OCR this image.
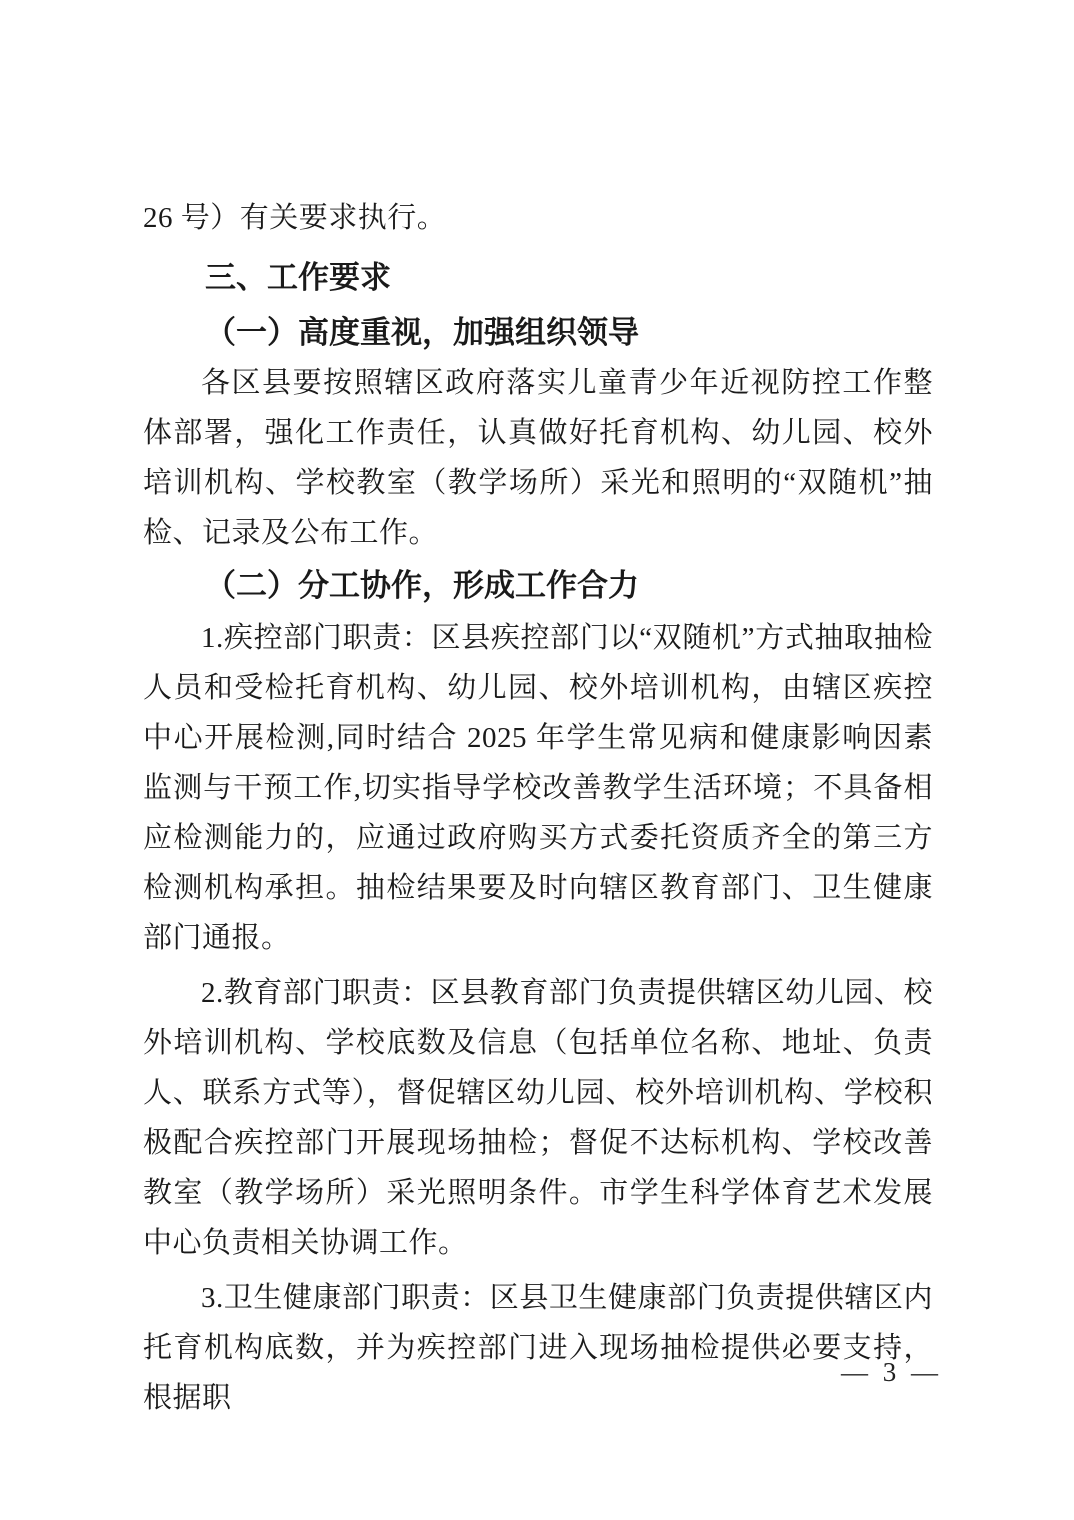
26 号）有关要求执行。

三、工作要求

（一）高度重视，加强组织领导

各区县要按照辖区政府落实儿童青少年近视防控工作整体部署，强化工作责任，认真做好托育机构、幼儿园、校外培训机构、学校教室（教学场所）采光和照明的“双随机”抽检、记录及公布工作。

（二）分工协作，形成工作合力

1.疾控部门职责：区县疾控部门以“双随机”方式抽取抽检人员和受检托育机构、幼儿园、校外培训机构，由辖区疾控中心开展检测,同时结合 2025 年学生常见病和健康影响因素监测与干预工作,切实指导学校改善教学生活环境；不具备相应检测能力的，应通过政府购买方式委托资质齐全的第三方检测机构承担。抽检结果要及时向辖区教育部门、卫生健康部门通报。

2.教育部门职责：区县教育部门负责提供辖区幼儿园、校外培训机构、学校底数及信息（包括单位名称、地址、负责人、联系方式等），督促辖区幼儿园、校外培训机构、学校积极配合疾控部门开展现场抽检；督促不达标机构、学校改善教室（教学场所）采光照明条件。市学生科学体育艺术发展中心负责相关协调工作。

3.卫生健康部门职责：区县卫生健康部门负责提供辖区内托育机构底数，并为疾控部门进入现场抽检提供必要支持，根据职

— 3 —
